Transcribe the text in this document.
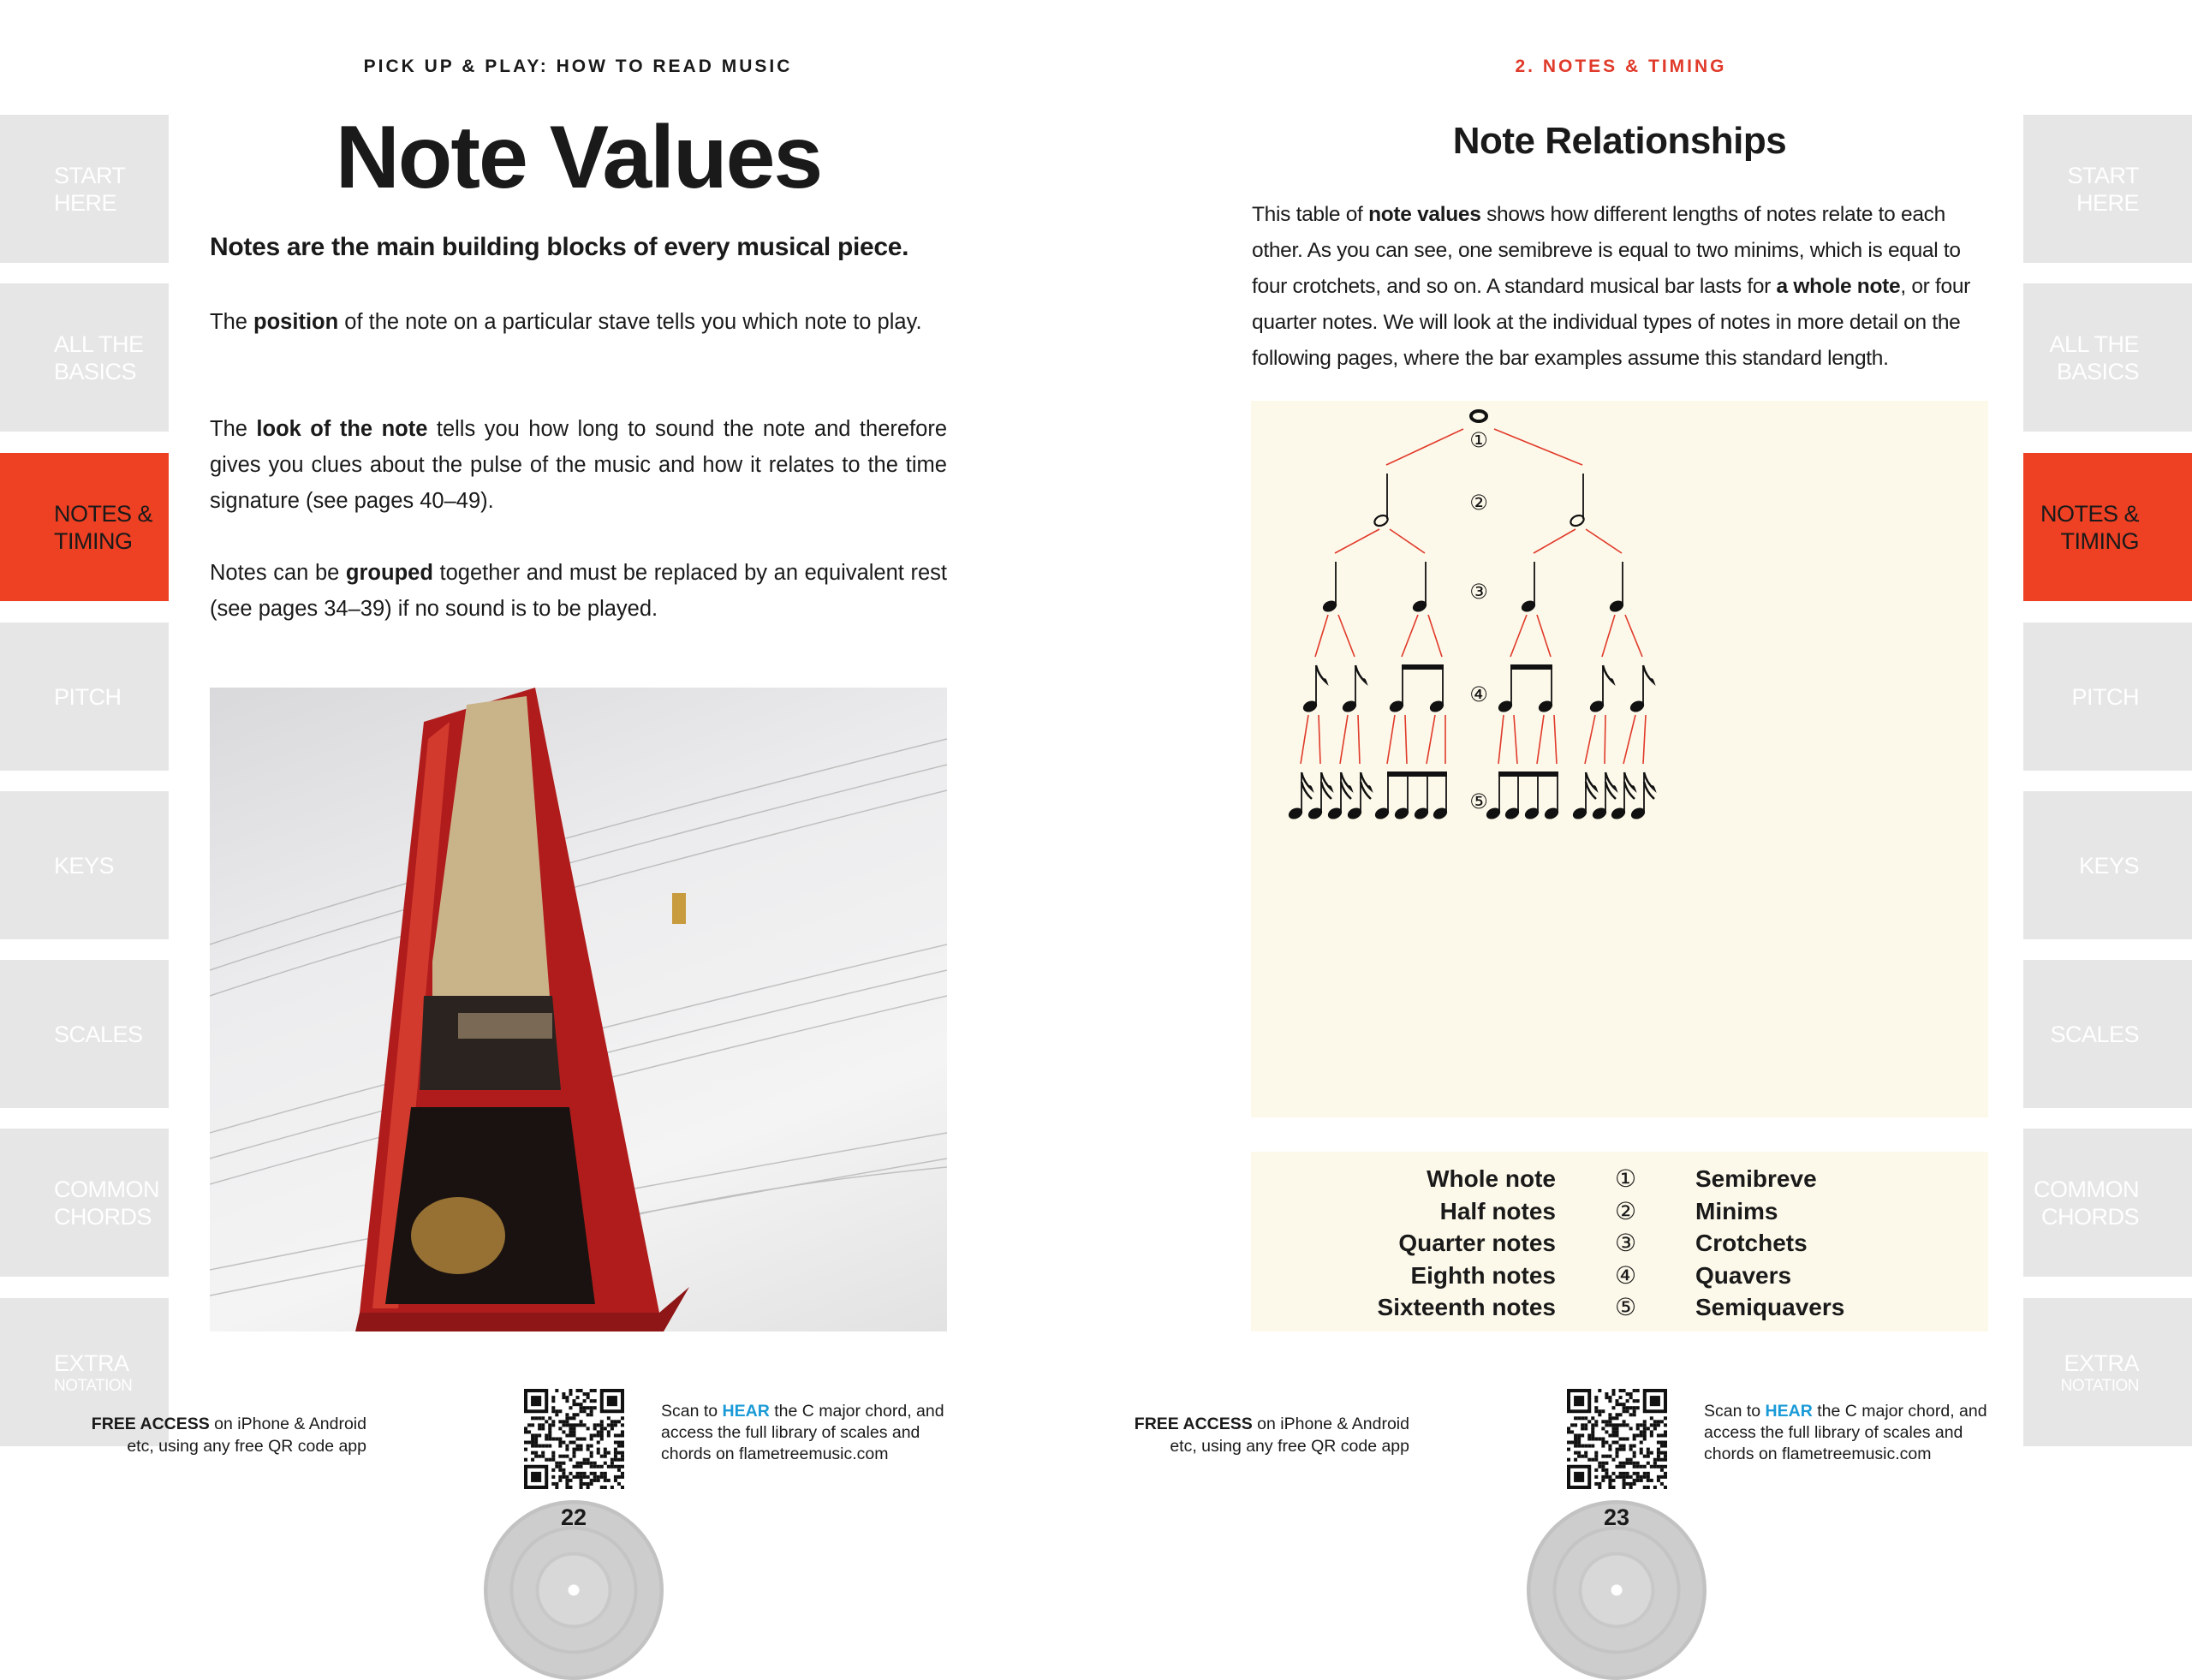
START
HERE
ALL THE
BASICS
NOTES &
TIMING
PITCH
KEYS
SCALES
COMMON
CHORDS
EXTRA
NOTATION
START
HERE
ALL THE
BASICS
NOTES &
TIMING
PITCH
KEYS
SCALES
COMMON
CHORDS
EXTRA
NOTATION
PICK UP & PLAY: HOW TO READ MUSIC
Note Values
Notes are the main building blocks of every musical piece.

The position of the note on a particular stave tells you which note to play.

The look of the note tells you how long to sound the note and therefore gives you clues about the pulse of the music and how it relates to the time signature (see pages 40–49).

Notes can be grouped together and must be replaced by an equivalent rest (see pages 34–39) if no sound is to be played.

2. NOTES & TIMING
Note Relationships

This table of note values shows how different lengths of notes relate to each other. As you can see, one semibreve is equal to two minims, which is equal to four crotchets, and so on. A standard musical bar lasts for a whole note, or four quarter notes. We will look at the individual types of notes in more detail on the following pages, where the bar examples assume this standard length.

①
②
③
④
⑤
Whole note	①	Semibreve
Half notes	②	Minims
Quarter notes	③	Crotchets
Eighth notes	④	Quavers
Sixteenth notes	⑤	Semiquavers
FREE ACCESS on iPhone & Android
etc, using any free QR code app
Scan to HEAR the C major chord, and
access the full library of scales and
chords on flametreemusic.com
22
FREE ACCESS on iPhone & Android
etc, using any free QR code app
Scan to HEAR the C major chord, and
access the full library of scales and
chords on flametreemusic.com
23
